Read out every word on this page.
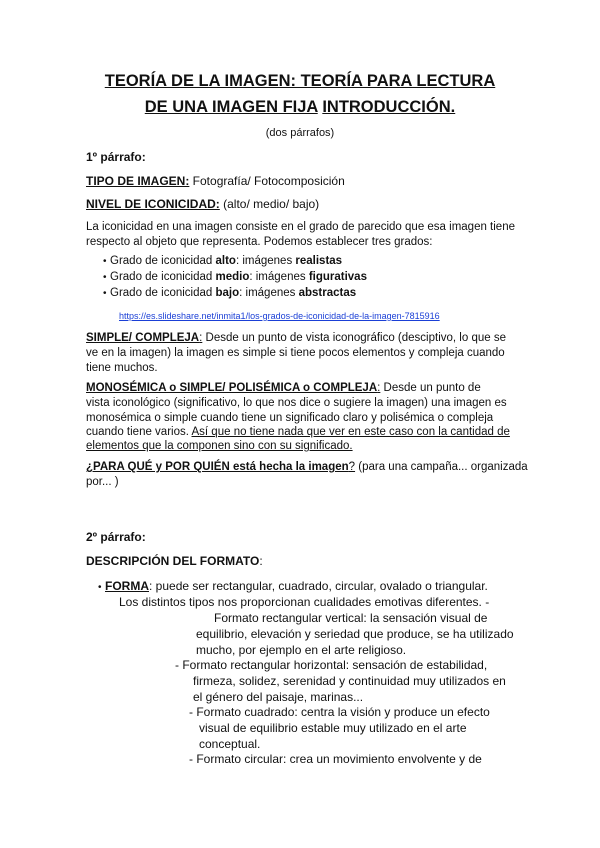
TEORÍA DE LA IMAGEN: TEORÍA PARA LECTURA
DE UNA IMAGEN FIJA INTRODUCCIÓN.
(dos párrafos)
1º párrafo:
TIPO DE IMAGEN: Fotografía/ Fotocomposición
NIVEL DE ICONICIDAD: (alto/ medio/ bajo)
La iconicidad en una imagen consiste en el grado de parecido que esa imagen tiene
respecto al objeto que representa. Podemos establecer tres grados:
• Grado de iconicidad alto: imágenes realistas
• Grado de iconicidad medio: imágenes figurativas
• Grado de iconicidad bajo: imágenes abstractas
https://es.slideshare.net/inmita1/los-grados-de-iconicidad-de-la-imagen-7815916
SIMPLE/ COMPLEJA: Desde un punto de vista iconográfico (desciptivo, lo que se
ve en la imagen) la imagen es simple si tiene pocos elementos y compleja cuando
tiene muchos.
MONOSÉMICA o SIMPLE/ POLISÉMICA o COMPLEJA: Desde un punto de
vista iconológico (significativo, lo que nos dice o sugiere la imagen) una imagen es
monosémica o simple cuando tiene un significado claro y polisémica o compleja
cuando tiene varios. Así que no tiene nada que ver en este caso con la cantidad de
elementos que la componen sino con su significado.
¿PARA QUÉ y POR QUIÉN está hecha la imagen? (para una campaña... organizada
por... )
2º párrafo:
DESCRIPCIÓN DEL FORMATO:
• FORMA: puede ser rectangular, cuadrado, circular, ovalado o triangular.
Los distintos tipos nos proporcionan cualidades emotivas diferentes. -
Formato rectangular vertical: la sensación visual de
equilibrio, elevación y seriedad que produce, se ha utilizado
mucho, por ejemplo en el arte religioso.
- Formato rectangular horizontal: sensación de estabilidad,
firmeza, solidez, serenidad y continuidad muy utilizados en
el género del paisaje, marinas...
- Formato cuadrado: centra la visión y produce un efecto
visual de equilibrio estable muy utilizado en el arte
conceptual.
- Formato circular: crea un movimiento envolvente y de
